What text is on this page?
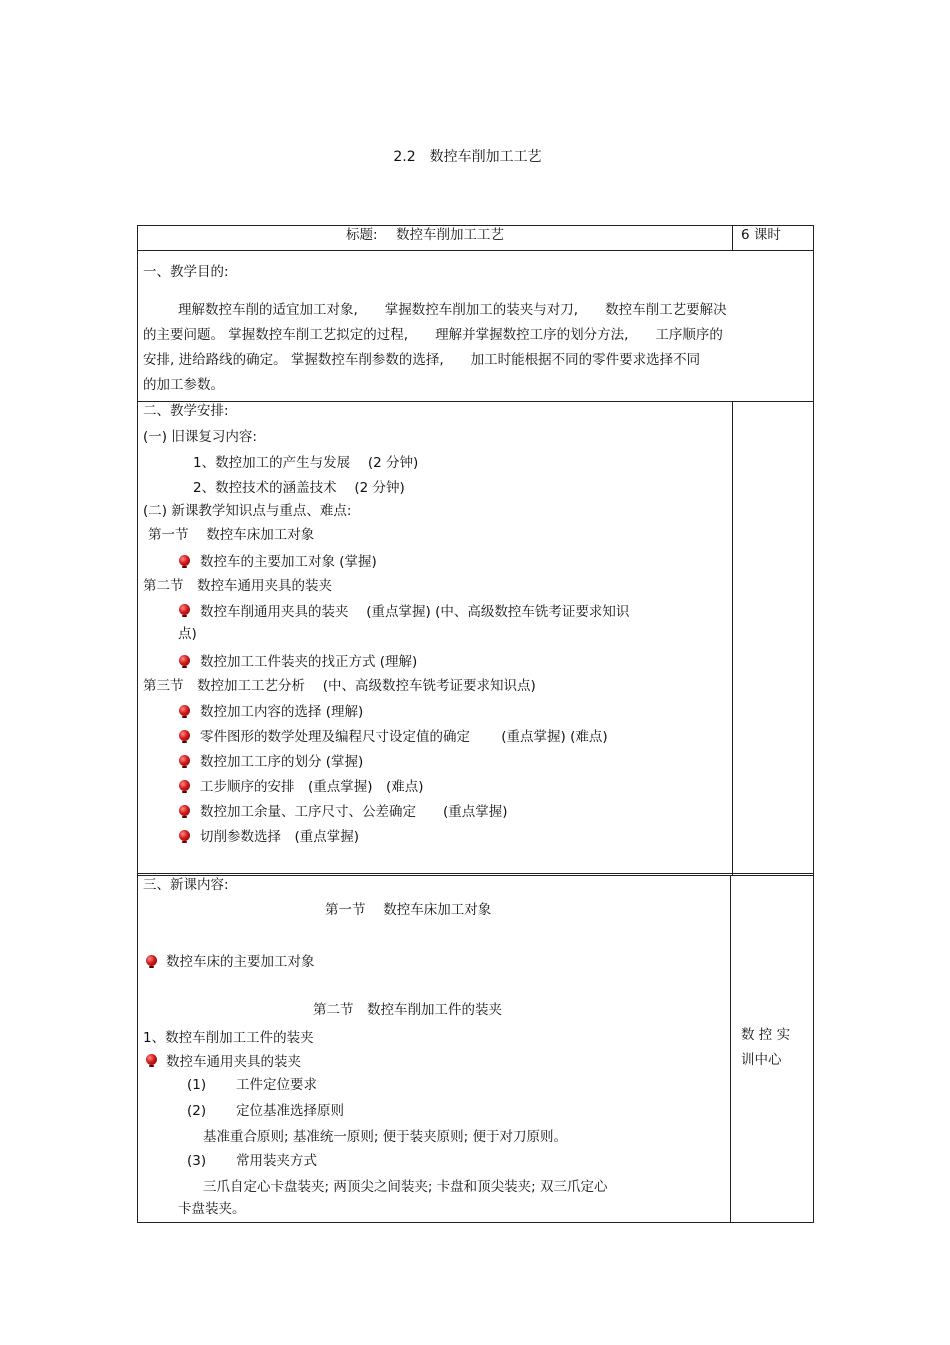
2.2　数控车削加工工艺
标题: 数控车削加工工艺	6 课时
一、教学目的:
理解数控车削的适宜加工对象,　　掌握数控车削加工的装夹与对刀,　　数控车削工艺要解决
的主要问题。 掌握数控车削工艺拟定的过程,　　理解并掌握数控工序的划分方法,　　工序顺序的
安排, 进给路线的确定。 掌握数控车削参数的选择,　　加工时能根据不同的零件要求选择不同
的加工参数。
二、教学安排:
(一) 旧课复习内容:
1、数控加工的产生与发展　 (2 分钟)
2、数控技术的涵盖技术　 (2 分钟)
(二) 新课教学知识点与重点、难点:
第一节　 数控车床加工对象
数控车的主要加工对象 (掌握)
第二节　数控车通用夹具的装夹
数控车削通用夹具的装夹　 (重点掌握) (中、高级数控车铣考证要求知识
点)
数控加工工件装夹的找正方式 (理解)
第三节　数控加工工艺分析　 (中、高级数控车铣考证要求知识点)
数控加工内容的选择 (理解)
零件图形的数学处理及编程尺寸设定值的确定　　 (重点掌握) (难点)
数控加工工序的划分 (掌握)
工步顺序的安排　(重点掌握)　(难点)
数控加工余量、工序尺寸、公差确定　　(重点掌握)
切削参数选择　(重点掌握)
三、新课内容:
第一节　 数控车床加工对象
数控车床的主要加工对象
第二节　数控车削加工件的装夹
1、数控车削加工工件的装夹
数控车通用夹具的装夹
(1) 工件定位要求
(2) 定位基准选择原则
基准重合原则; 基准统一原则; 便于装夹原则; 便于对刀原则。
(3) 常用装夹方式
三爪自定心卡盘装夹; 两顶尖之间装夹; 卡盘和顶尖装夹; 双三爪定心
卡盘装夹。
数 控 实
训中心
